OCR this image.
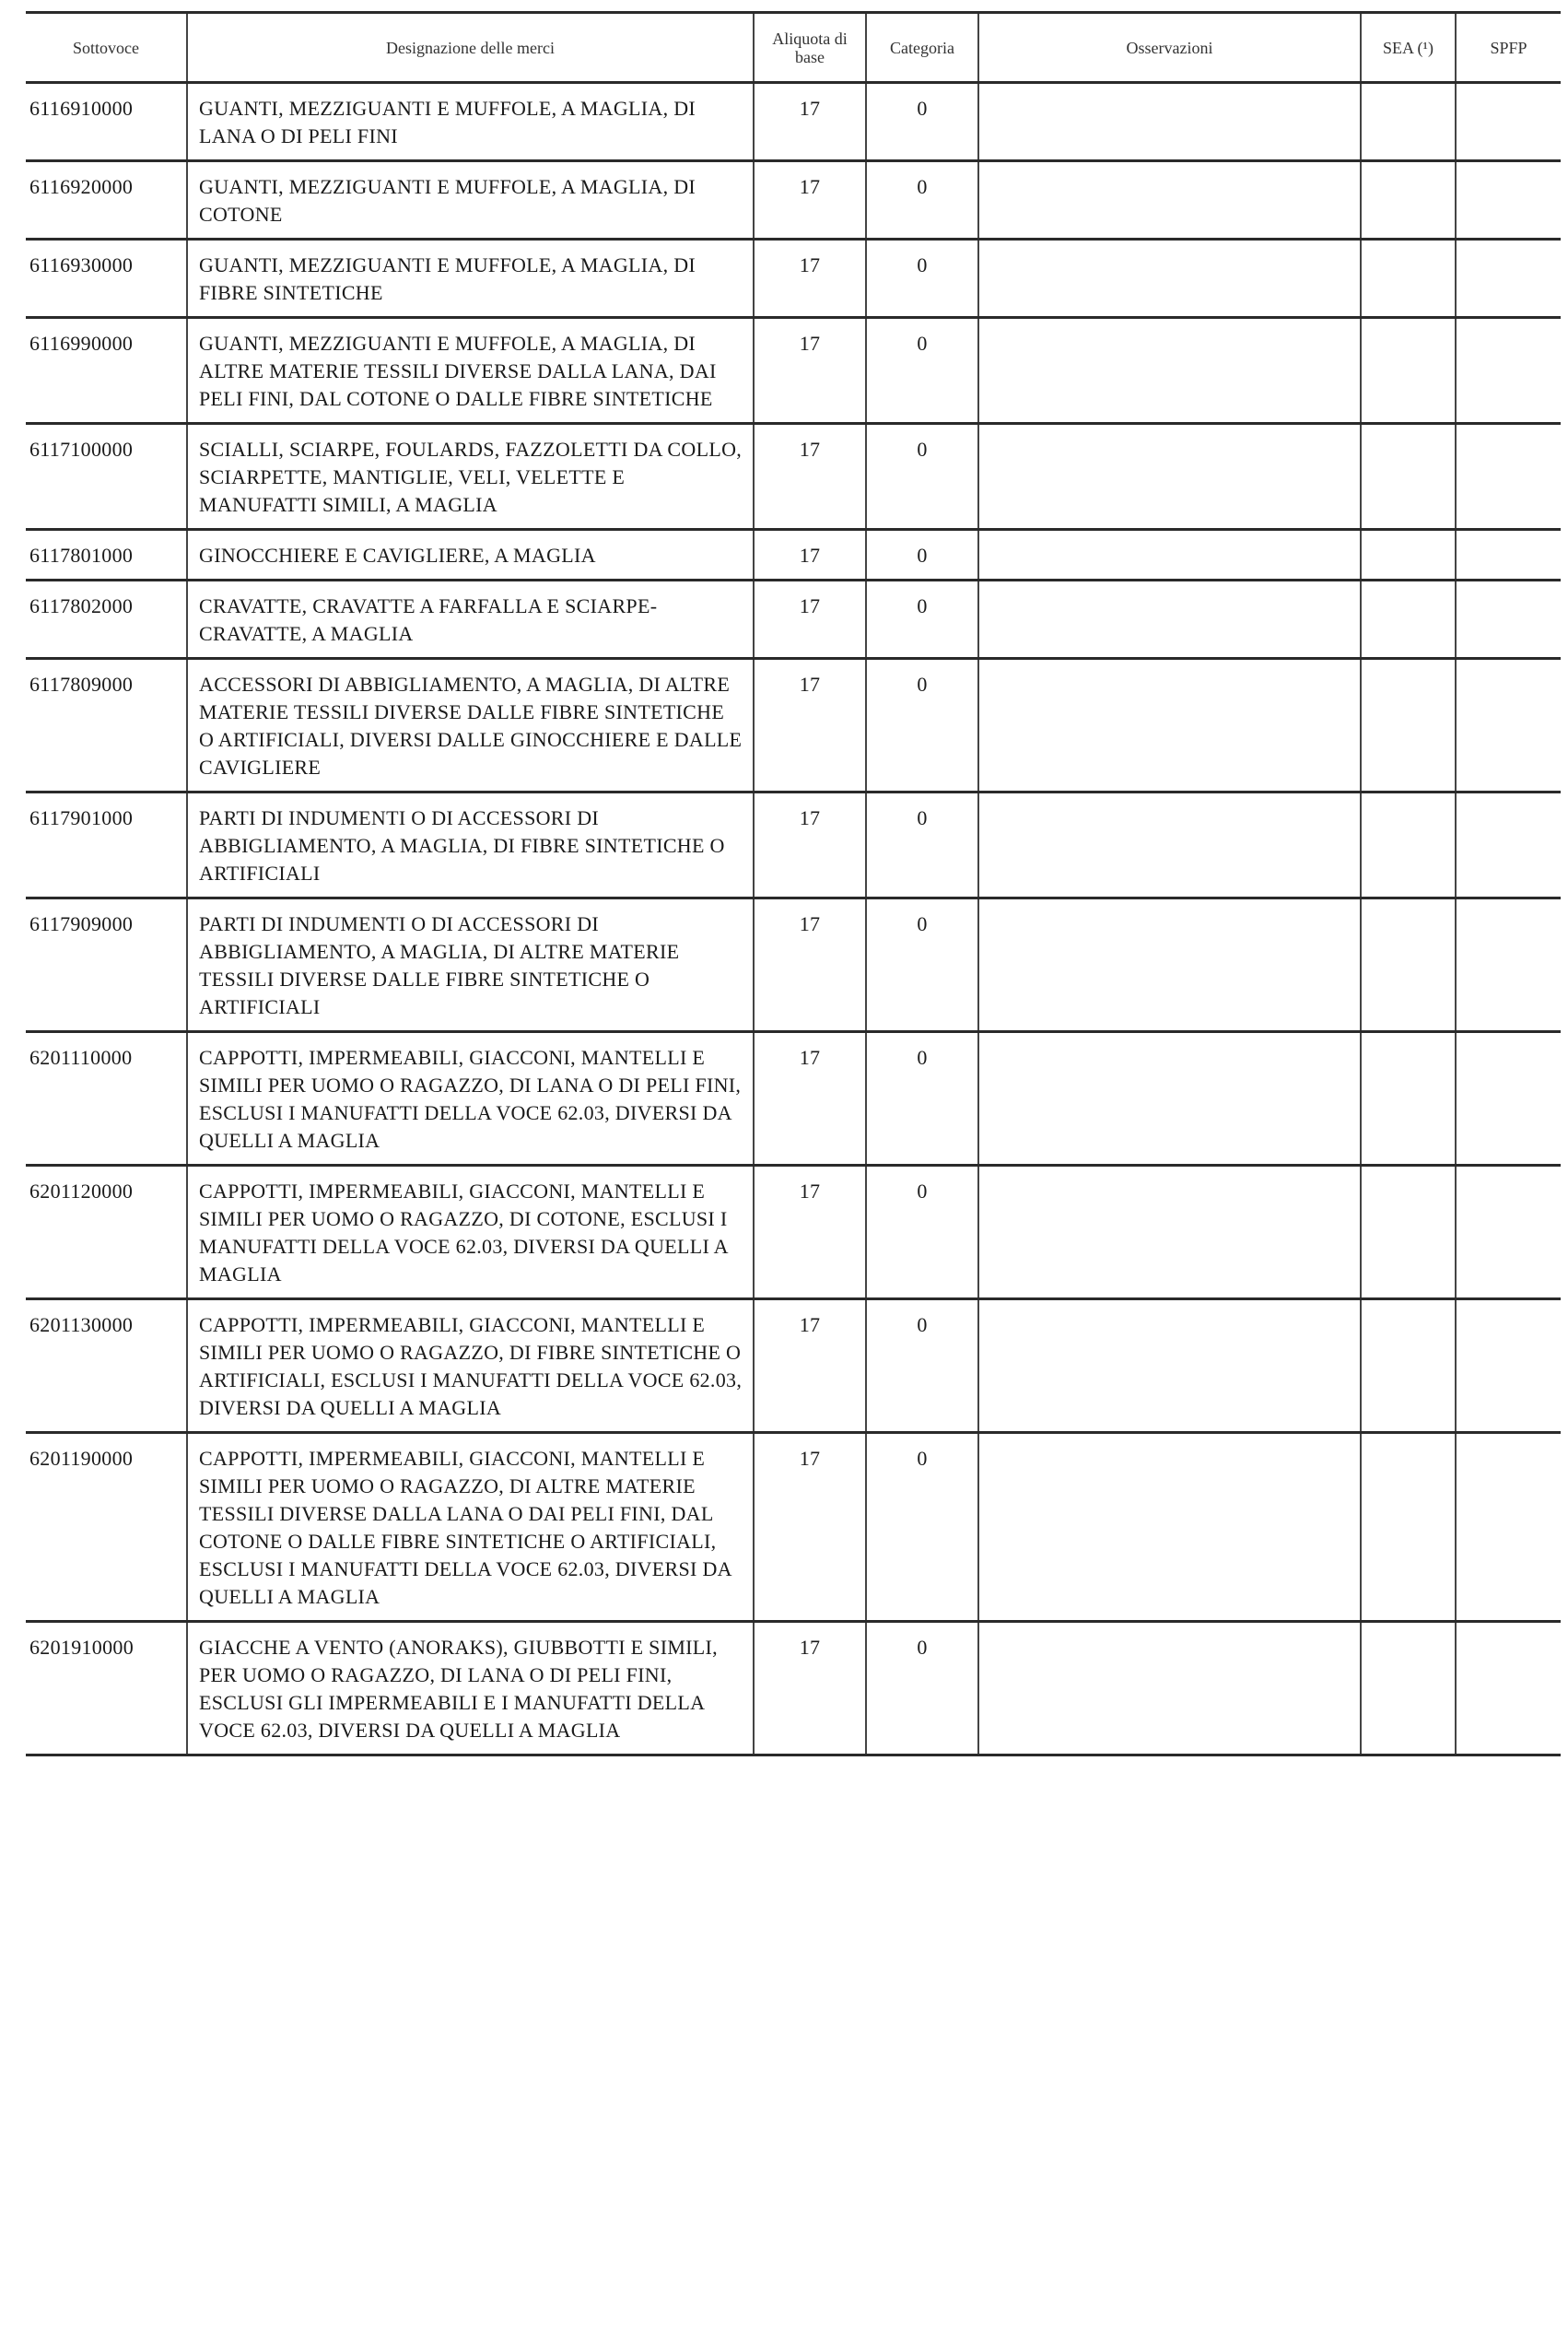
Sottovoce	Designazione delle merci	Aliquota di base	Categoria	Osservazioni	SEA (¹)	SPFP
6116910000	GUANTI, MEZZIGUANTI E MUFFOLE, A MAGLIA, DI LANA O DI PELI FINI	17	0			
6116920000	GUANTI, MEZZIGUANTI E MUFFOLE, A MAGLIA, DI COTONE	17	0			
6116930000	GUANTI, MEZZIGUANTI E MUFFOLE, A MAGLIA, DI FIBRE SINTETICHE	17	0			
6116990000	GUANTI, MEZZIGUANTI E MUFFOLE, A MAGLIA, DI ALTRE MATERIE TESSILI DIVERSE DALLA LANA, DAI PELI FINI, DAL COTONE O DALLE FIBRE SINTETICHE	17	0			
6117100000	SCIALLI, SCIARPE, FOULARDS, FAZZOLETTI DA COLLO, SCIARPETTE, MANTIGLIE, VELI, VELETTE E MANUFATTI SIMILI, A MAGLIA	17	0			
6117801000	GINOCCHIERE E CAVIGLIERE, A MAGLIA	17	0			
6117802000	CRAVATTE, CRAVATTE A FARFALLA E SCIARPE-CRAVATTE, A MAGLIA	17	0			
6117809000	ACCESSORI DI ABBIGLIAMENTO, A MAGLIA, DI ALTRE MATERIE TESSILI DIVERSE DALLE FIBRE SINTETICHE O ARTIFICIALI, DIVERSI DALLE GINOCCHIERE E DALLE CAVIGLIERE	17	0			
6117901000	PARTI DI INDUMENTI O DI ACCESSORI DI ABBIGLIAMENTO, A MAGLIA, DI FIBRE SINTETICHE O ARTIFICIALI	17	0			
6117909000	PARTI DI INDUMENTI O DI ACCESSORI DI ABBIGLIAMENTO, A MAGLIA, DI ALTRE MATERIE TESSILI DIVERSE DALLE FIBRE SINTETICHE O ARTIFICIALI	17	0			
6201110000	CAPPOTTI, IMPERMEABILI, GIACCONI, MANTELLI E SIMILI PER UOMO O RAGAZZO, DI LANA O DI PELI FINI, ESCLUSI I MANUFATTI DELLA VOCE 62.03, DIVERSI DA QUELLI A MAGLIA	17	0			
6201120000	CAPPOTTI, IMPERMEABILI, GIACCONI, MANTELLI E SIMILI PER UOMO O RAGAZZO, DI COTONE, ESCLUSI I MANUFATTI DELLA VOCE 62.03, DIVERSI DA QUELLI A MAGLIA	17	0			
6201130000	CAPPOTTI, IMPERMEABILI, GIACCONI, MANTELLI E SIMILI PER UOMO O RAGAZZO, DI FIBRE SINTETICHE O ARTIFICIALI, ESCLUSI I MANUFATTI DELLA VOCE 62.03, DIVERSI DA QUELLI A MAGLIA	17	0			
6201190000	CAPPOTTI, IMPERMEABILI, GIACCONI, MANTELLI E SIMILI PER UOMO O RAGAZZO, DI ALTRE MATERIE TESSILI DIVERSE DALLA LANA O DAI PELI FINI, DAL COTONE O DALLE FIBRE SINTETICHE O ARTIFICIALI, ESCLUSI I MANUFATTI DELLA VOCE 62.03, DIVERSI DA QUELLI A MAGLIA	17	0			
6201910000	GIACCHE A VENTO (ANORAKS), GIUBBOTTI E SIMILI, PER UOMO O RAGAZZO, DI LANA O DI PELI FINI, ESCLUSI GLI IMPERMEABILI E I MANUFATTI DELLA VOCE 62.03, DIVERSI DA QUELLI A MAGLIA	17	0			
